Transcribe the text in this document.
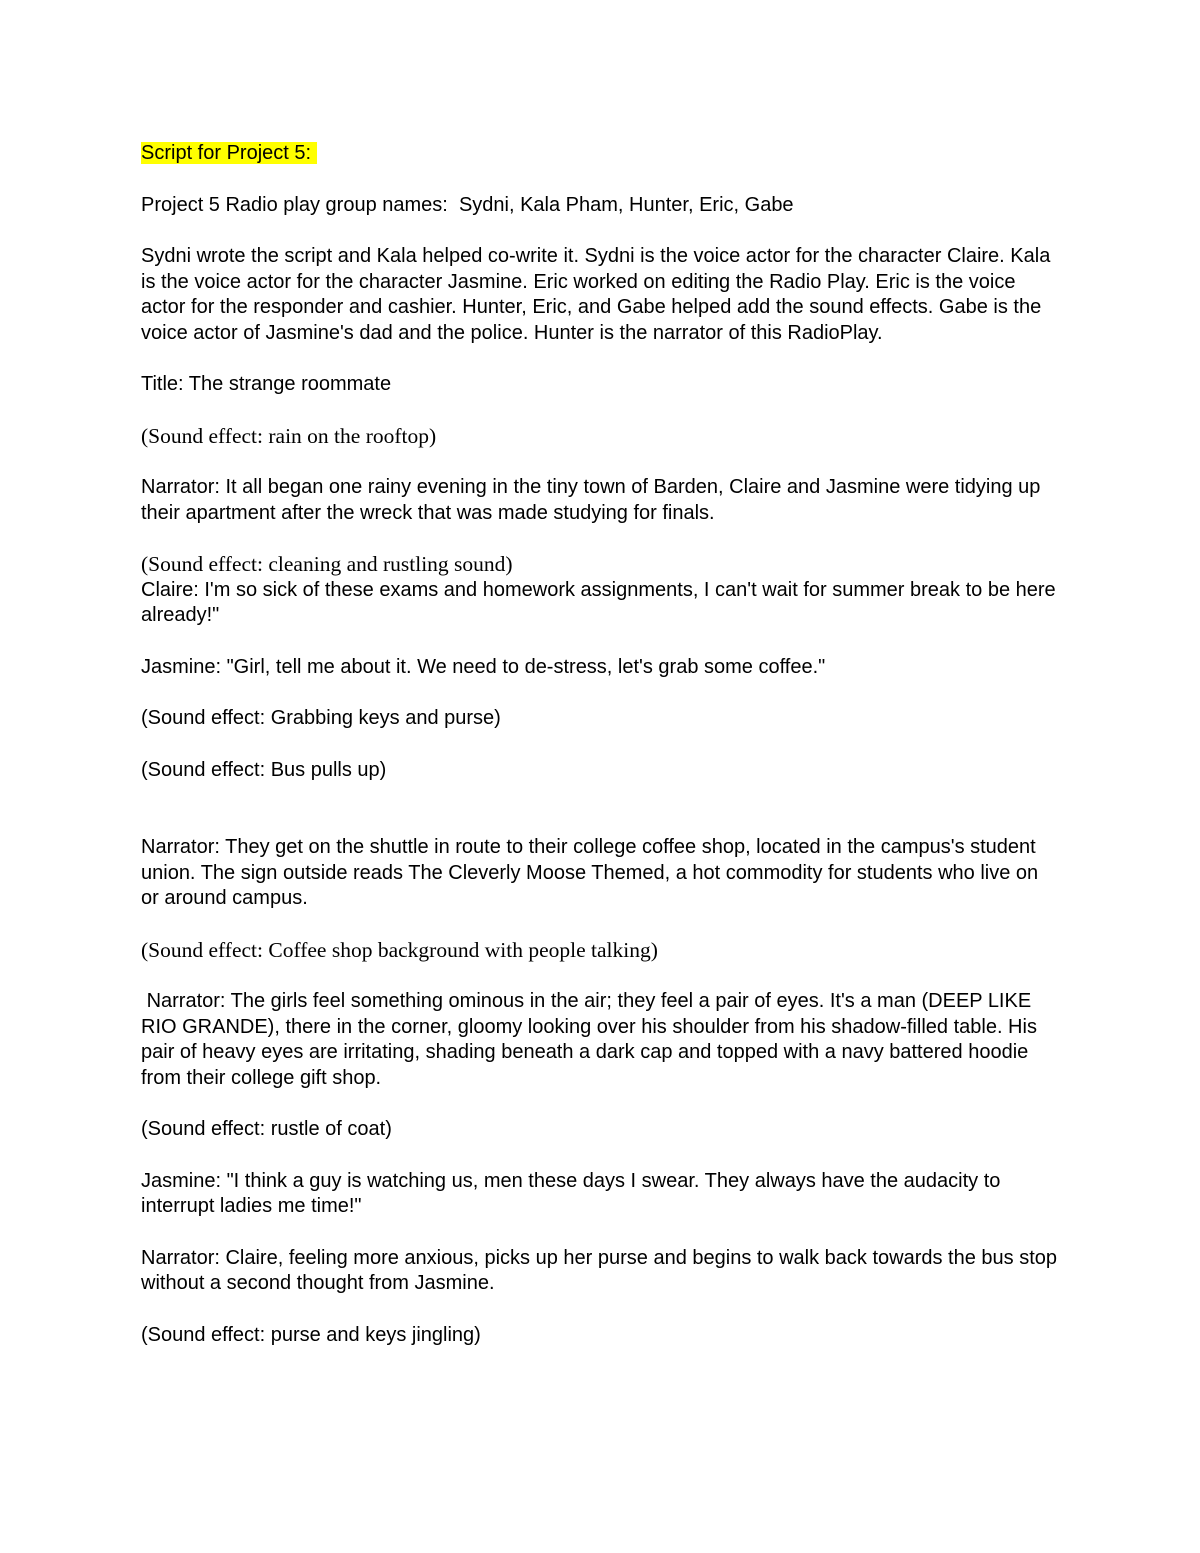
Script for Project 5:

Project 5 Radio play group names:  Sydni, Kala Pham, Hunter, Eric, Gabe

Sydni wrote the script and Kala helped co-write it. Sydni is the voice actor for the character Claire. Kala is the voice actor for the character Jasmine. Eric worked on editing the Radio Play. Eric is the voice actor for the responder and cashier. Hunter, Eric, and Gabe helped add the sound effects. Gabe is the voice actor of Jasmine's dad and the police. Hunter is the narrator of this RadioPlay.

Title: The strange roommate

(Sound effect: rain on the rooftop)

Narrator: It all began one rainy evening in the tiny town of Barden, Claire and Jasmine were tidying up their apartment after the wreck that was made studying for finals.

(Sound effect: cleaning and rustling sound)

Claire: I'm so sick of these exams and homework assignments, I can't wait for summer break to be here already!"

Jasmine: "Girl, tell me about it. We need to de-stress, let's grab some coffee."

(Sound effect: Grabbing keys and purse)

(Sound effect: Bus pulls up)

Narrator: They get on the shuttle in route to their college coffee shop, located in the campus's student union. The sign outside reads The Cleverly Moose Themed, a hot commodity for students who live on or around campus.

(Sound effect: Coffee shop background with people talking)

Narrator: The girls feel something ominous in the air; they feel a pair of eyes. It's a man (DEEP LIKE RIO GRANDE), there in the corner, gloomy looking over his shoulder from his shadow-filled table. His pair of heavy eyes are irritating, shading beneath a dark cap and topped with a navy battered hoodie from their college gift shop.

(Sound effect: rustle of coat)

Jasmine: "I think a guy is watching us, men these days I swear. They always have the audacity to interrupt ladies me time!"

Narrator: Claire, feeling more anxious, picks up her purse and begins to walk back towards the bus stop without a second thought from Jasmine.

(Sound effect: purse and keys jingling)
